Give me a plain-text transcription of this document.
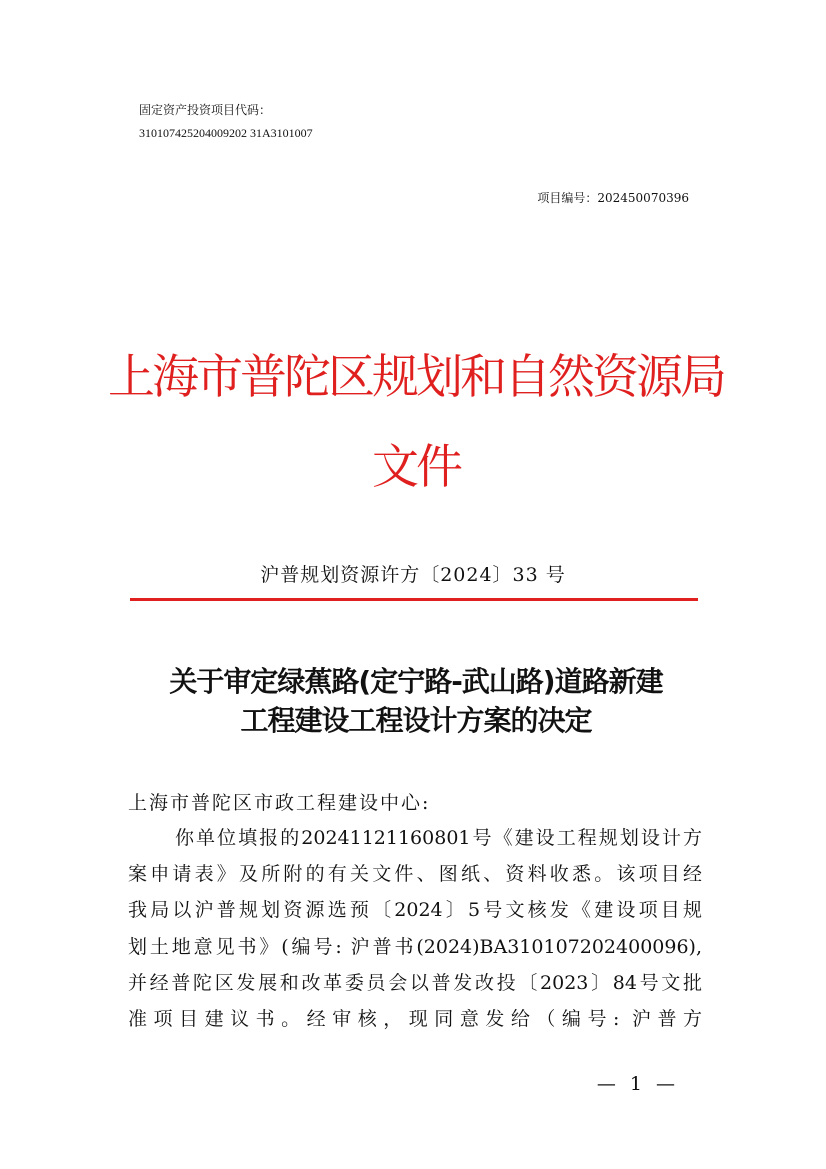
固定资产投资项目代码：
310107425204009202 31A3101007
项目编号：202450070396
上海市普陀区规划和自然资源局
文件
沪普规划资源许方〔2024〕33 号
关于审定绿蕉路(定宁路-武山路)道路新建
工程建设工程设计方案的决定
上海市普陀区市政工程建设中心:
你单位填报的20241121160801号《建设工程规划设计方
案申请表》及所附的有关文件、图纸、资料收悉。该项目经
我局以沪普规划资源选预〔2024〕5号文核发《建设项目规
划土地意见书》(编号: 沪普书(2024)BA310107202400096),
并经普陀区发展和改革委员会以普发改投〔2023〕84号文批
准项目建议书。经审核，现同意发给（编号: 沪普方
— 1 —
